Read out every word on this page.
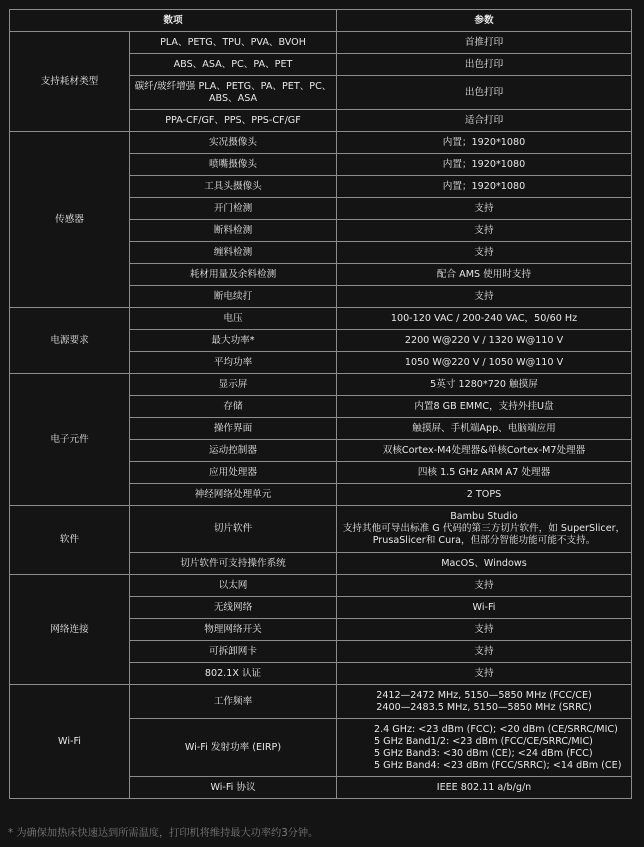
数项		参数
支持耗材类型	PLA、PETG、TPU、PVA、BVOH	首推打印
	ABS、ASA、PC、PA、PET	出色打印
	碳纤/玻纤增强 PLA、PETG、PA、PET、PC、
ABS、ASA	出色打印
	PPA-CF/GF、PPS、PPS-CF/GF	适合打印
传感器	实况摄像头	内置；1920*1080
	喷嘴摄像头	内置；1920*1080
	工具头摄像头	内置；1920*1080
	开门检测	支持
	断料检测	支持
	缠料检测	支持
	耗材用量及余料检测	配合 AMS 使用时支持
	断电续打	支持
电源要求	电压	100-120 VAC / 200-240 VAC，50/60 Hz
	最大功率*	2200 W@220 V / 1320 W@110 V
	平均功率	1050 W@220 V / 1050 W@110 V
电子元件	显示屏	5英寸 1280*720 触摸屏
	存储	内置8 GB EMMC，支持外挂U盘
	操作界面	触摸屏、手机端App、电脑端应用
	运动控制器	双核Cortex-M4处理器&单核Cortex-M7处理器
	应用处理器	四核 1.5 GHz ARM A7 处理器
	神经网络处理单元	2 TOPS
软件	切片软件	Bambu Studio
支持其他可导出标准 G 代码的第三方切片软件，如 SuperSlicer，
PrusaSlicer和 Cura，但部分智能功能可能不支持。
	切片软件可支持操作系统	MacOS、Windows
网络连接	以太网	支持
	无线网络	Wi-Fi
	物理网络开关	支持
	可拆卸网卡	支持
	802.1X 认证	支持
Wi-Fi	工作频率	2412—2472 MHz, 5150—5850 MHz (FCC/CE)
2400—2483.5 MHz, 5150—5850 MHz (SRRC)
	Wi-Fi 发射功率 (EIRP)	2.4 GHz: <23 dBm (FCC); <20 dBm (CE/SRRC/MIC)
5 GHz Band1/2: <23 dBm (FCC/CE/SRRC/MIC)
5 GHz Band3: <30 dBm (CE); <24 dBm (FCC)
5 GHz Band4: <23 dBm (FCC/SRRC); <14 dBm (CE)
	Wi-Fi 协议	IEEE 802.11 a/b/g/n
* 为确保加热床快速达到所需温度，打印机将维持最大功率约3分钟。
